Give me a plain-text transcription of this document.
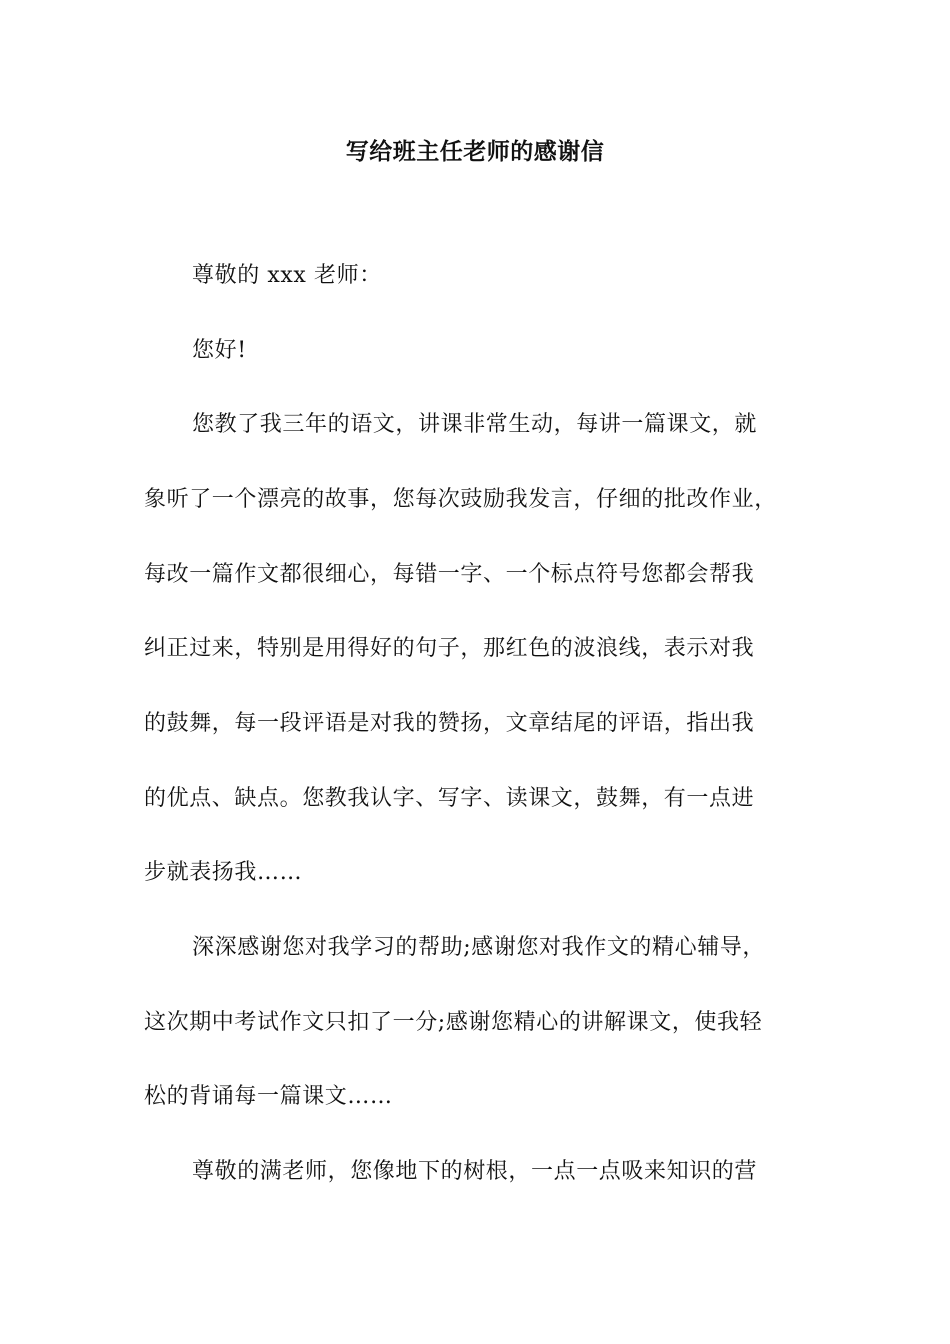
写给班主任老师的感谢信
尊敬的 xxx 老师：
您好!
您教了我三年的语文，讲课非常生动，每讲一篇课文，就
象听了一个漂亮的故事，您每次豉励我发言，仔细的批改作业，
每改一篇作文都很细心，每错一字、一个标点符号您都会帮我
纠正过来，特别是用得好的句子，那红色的波浪线，表示对我
的鼓舞，每一段评语是对我的赞扬，文章结尾的评语，指出我
的优点、缺点。您教我认字、写字、读课文，鼓舞，有一点进
步就表扬我……
深深感谢您对我学习的帮助;感谢您对我作文的精心辅导，
这次期中考试作文只扣了一分;感谢您精心的讲解课文，使我轻
松的背诵每一篇课文……
尊敬的满老师，您像地下的树根，一点一点吸来知识的营
